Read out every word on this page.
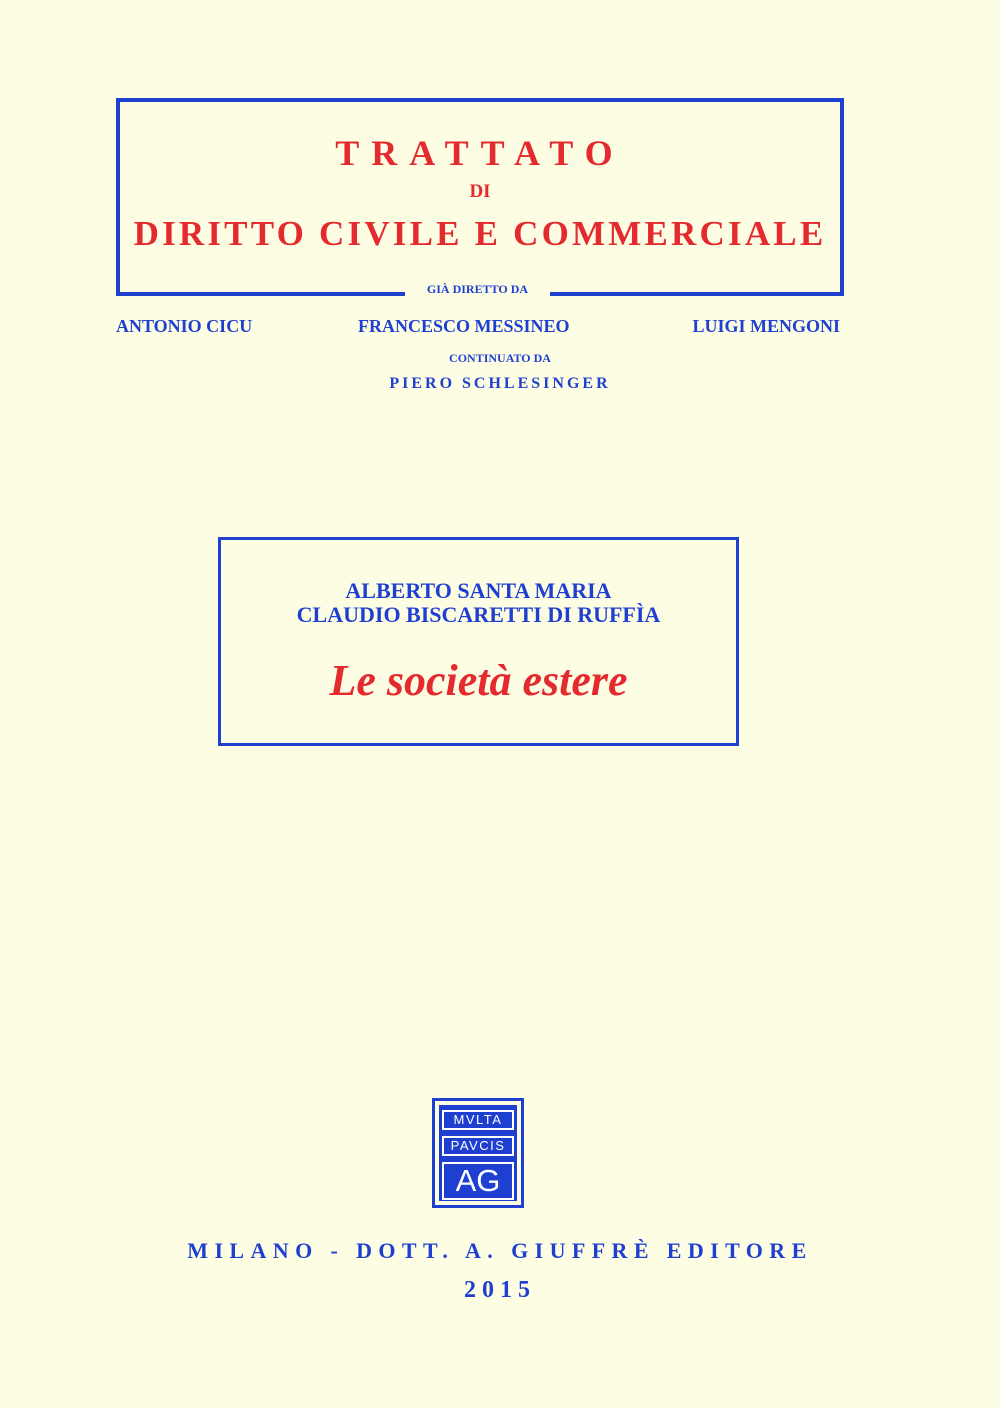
TRATTATO
DI
DIRITTO CIVILE E COMMERCIALE
GIÀ DIRETTO DA
ANTONIO CICU	FRANCESCO MESSINEO	LUIGI MENGONI
CONTINUATO DA
PIERO SCHLESINGER
ALBERTO SANTA MARIA
CLAUDIO BISCARETTI DI RUFFÌA
Le società estere
MVLTA
PAVCIS
AG
MILANO - DOTT. A. GIUFFRÈ EDITORE
2015
